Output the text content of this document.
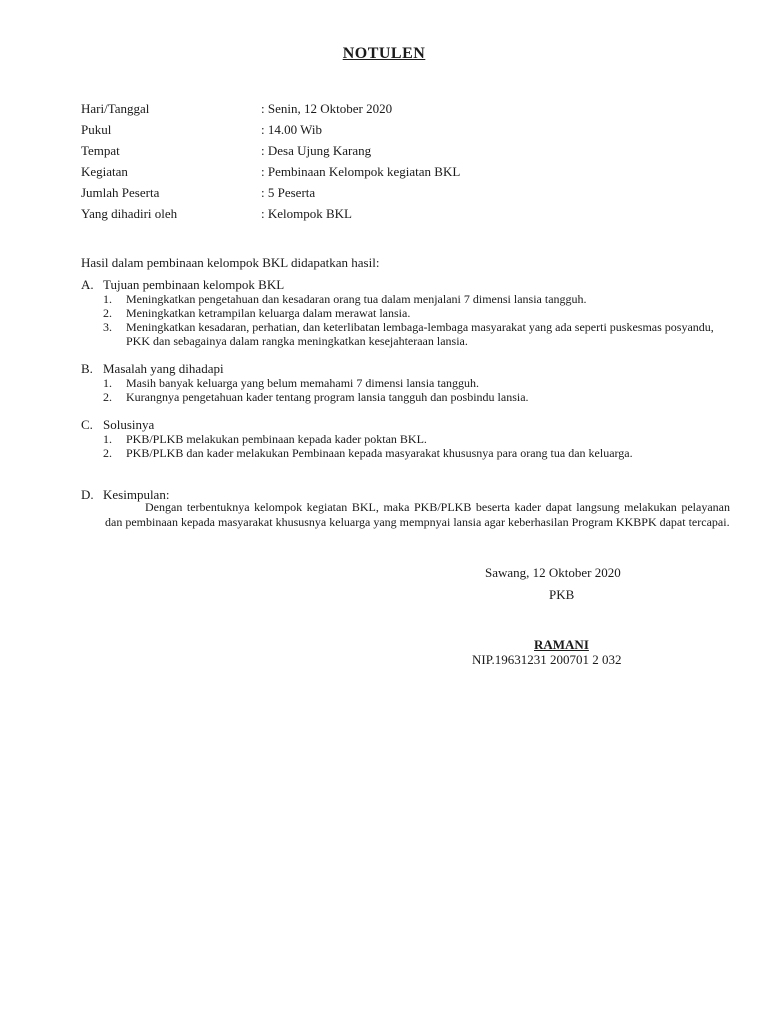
NOTULEN
Hari/Tanggal	: Senin, 12 Oktober 2020
Pukul	: 14.00 Wib
Tempat	: Desa Ujung Karang
Kegiatan	: Pembinaan Kelompok kegiatan BKL
Jumlah Peserta	: 5 Peserta
Yang dihadiri oleh	: Kelompok BKL
Hasil dalam pembinaan kelompok BKL didapatkan hasil:
A. Tujuan pembinaan kelompok BKL
1. Meningkatkan pengetahuan dan kesadaran orang tua dalam menjalani 7 dimensi lansia tangguh.
2. Meningkatkan ketrampilan keluarga dalam merawat lansia.
3. Meningkatkan kesadaran, perhatian, dan keterlibatan lembaga-lembaga masyarakat yang ada seperti puskesmas posyandu, PKK dan sebagainya dalam rangka meningkatkan kesejahteraan lansia.
B. Masalah yang dihadapi
1. Masih banyak keluarga yang belum memahami 7 dimensi lansia tangguh.
2. Kurangnya pengetahuan kader tentang program lansia tangguh dan posbindu lansia.
C. Solusinya
1. PKB/PLKB melakukan pembinaan kepada kader poktan BKL.
2. PKB/PLKB dan kader melakukan Pembinaan kepada masyarakat khususnya para orang tua dan keluarga.
D. Kesimpulan:
Dengan terbentuknya kelompok kegiatan BKL, maka PKB/PLKB beserta kader dapat langsung melakukan pelayanan dan pembinaan kepada masyarakat khususnya keluarga yang mempnyai lansia agar keberhasilan Program KKBPK dapat tercapai.
Sawang, 12 Oktober 2020
PKB
RAMANI
NIP.19631231 200701 2 032
